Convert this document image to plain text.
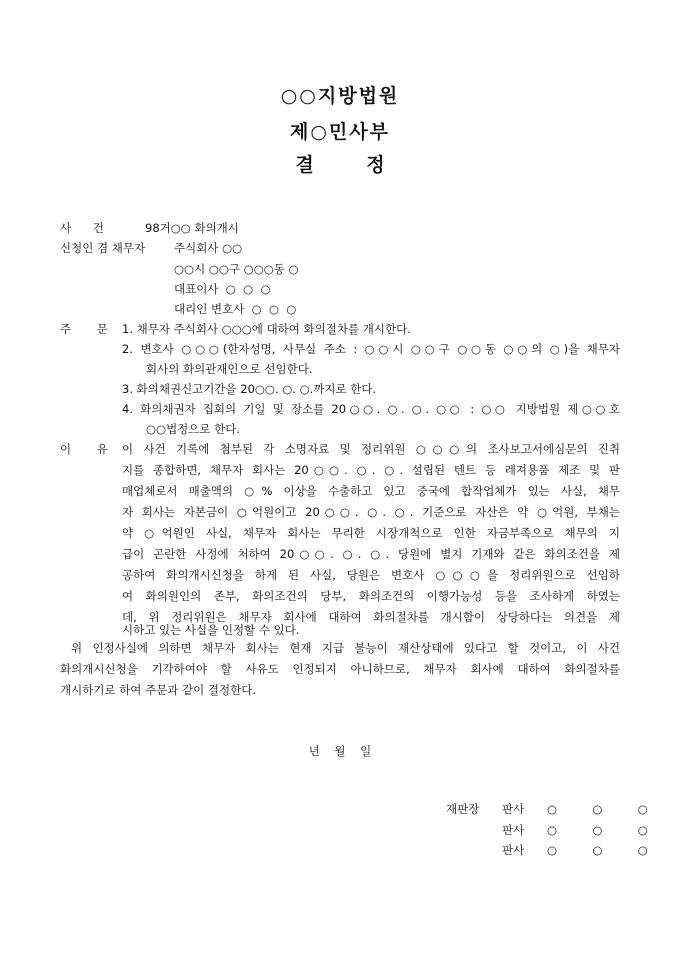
○○지방법원
제○민사부
결 정
사 건	98거○○ 화의개시
신청인 겸 채무자	주식회사 ○○
○○시 ○○구 ○○○동 ○
대표이사  ○  ○  ○
대리인 변호사  ○  ○  ○
주 문 1. 채무자 주식회사 ○○○에 대하여 화의절차를 개시한다.
2. 변호사 ○○○(한자성명, 사무실 주소 : ○○시 ○○구 ○○동 ○○의 ○)을 채무자
회사의 화의관재인으로 선임한다.
3. 화의채권신고기간을 20○○. ○. ○.까지로 한다.
4. 화의채권자 집회의 기일 및 장소를 20○○. ○. ○. ○○ : ○○ 지방법원 제○○호
○○법정으로 한다.
이 유 이 사건 기록에 첨부된 각 소명자료 및 정리위원 ○○○의 조사보고서에심문의 진취
지를 종합하면, 채무자 회사는 20○○. ○. ○. 설립된 텐트 등 레져용품 제조 및 판
매업체로서 매출액의 ○% 이상을 수출하고 있고 중국에 합작업체가 있는 사실, 채무
자 회사는 자본금이 ○억원이고 20○○. ○. ○. 기준으로 자산은 약 ○억원, 부채는
약 ○억원인 사실, 채무자 회사는 무리한 시장개척으로 인한 자금부족으로 채무의 지
급이 곤란한 사정에 처하여 20○○. ○. ○. 당원에 별지 기재와 같은 화의조건을 제
공하여 화의개시신청을 하게 된 사실, 당원은 변호사 ○○○을 정리위원으로 선임하
여 화의원인의 존부, 화의조건의 당부, 화의조건의 이행가능성 등을 조사하게 하였는
데, 위 정리위원은 채무자 회사에 대하여 화의절차를 개시함이 상당하다는 의견을 제
시하고 있는 사실을 인정할 수 있다.
위 인정사실에 의하면 채무자 회사는 현재 지급 불능이 재산상태에 있다고 할 것이고, 이 사건
화의개시신청을 기각하여야 할 사유도 인정되지 아니하므로, 채무자 회사에 대하여 화의절차를
개시하기로 하여 주문과 같이 결정한다.
년    월    일
재판장 판사 ○  ○  ○
판사 ○  ○  ○
판사 ○  ○  ○
